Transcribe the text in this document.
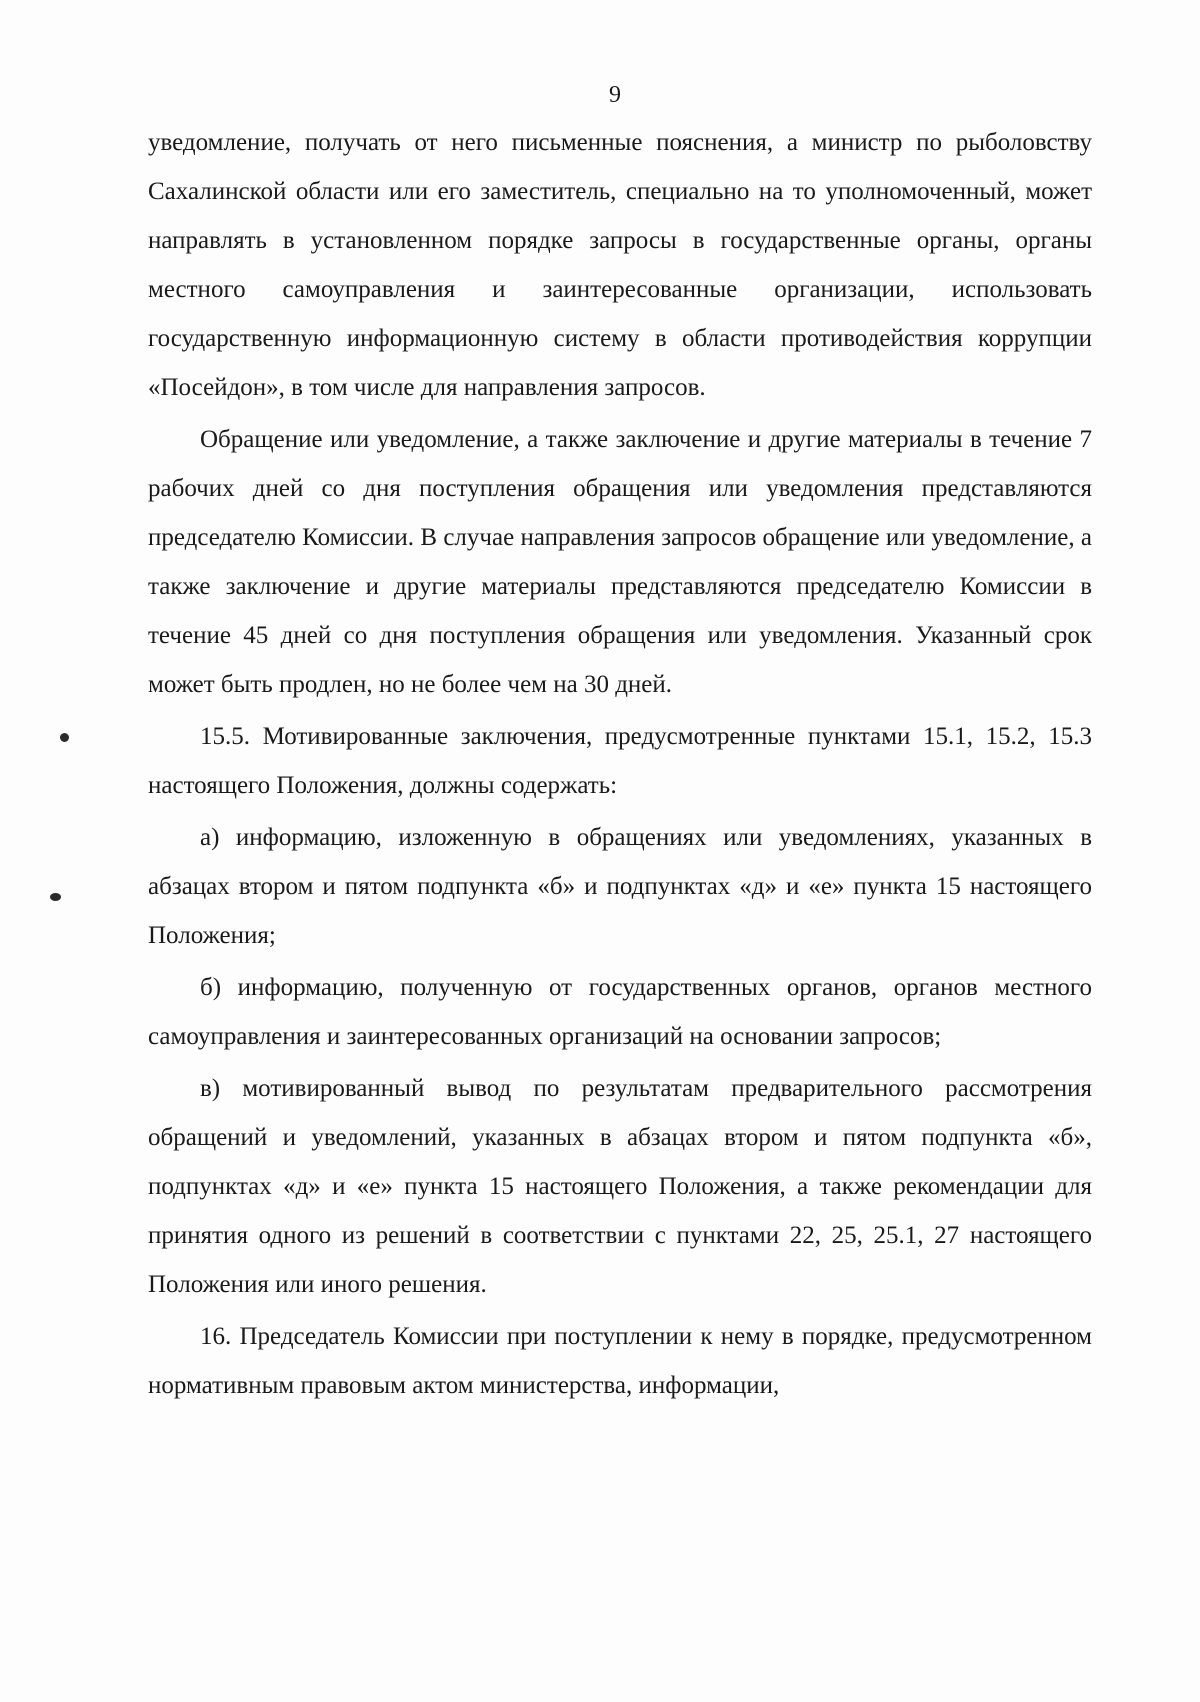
9

уведомление, получать от него письменные пояснения, а министр по рыболовству Сахалинской области или его заместитель, специально на то уполномоченный, может направлять в установленном порядке запросы в государственные органы, органы местного самоуправления и заинтересованные организации, использовать государственную информационную систему в области противодействия коррупции «Посейдон», в том числе для направления запросов.

Обращение или уведомление, а также заключение и другие материалы в течение 7 рабочих дней со дня поступления обращения или уведомления представляются председателю Комиссии. В случае направления запросов обращение или уведомление, а также заключение и другие материалы представляются председателю Комиссии в течение 45 дней со дня поступления обращения или уведомления. Указанный срок может быть продлен, но не более чем на 30 дней.

15.5. Мотивированные заключения, предусмотренные пунктами 15.1, 15.2, 15.3 настоящего Положения, должны содержать:

а) информацию, изложенную в обращениях или уведомлениях, указанных в абзацах втором и пятом подпункта «б» и подпунктах «д» и «е» пункта 15 настоящего Положения;

б) информацию, полученную от государственных органов, органов местного самоуправления и заинтересованных организаций на основании запросов;

в) мотивированный вывод по результатам предварительного рассмотрения обращений и уведомлений, указанных в абзацах втором и пятом подпункта «б», подпунктах «д» и «е» пункта 15 настоящего Положения, а также рекомендации для принятия одного из решений в соответствии с пунктами 22, 25, 25.1, 27 настоящего Положения или иного решения.

16. Председатель Комиссии при поступлении к нему в порядке, предусмотренном нормативным правовым актом министерства, информации,
